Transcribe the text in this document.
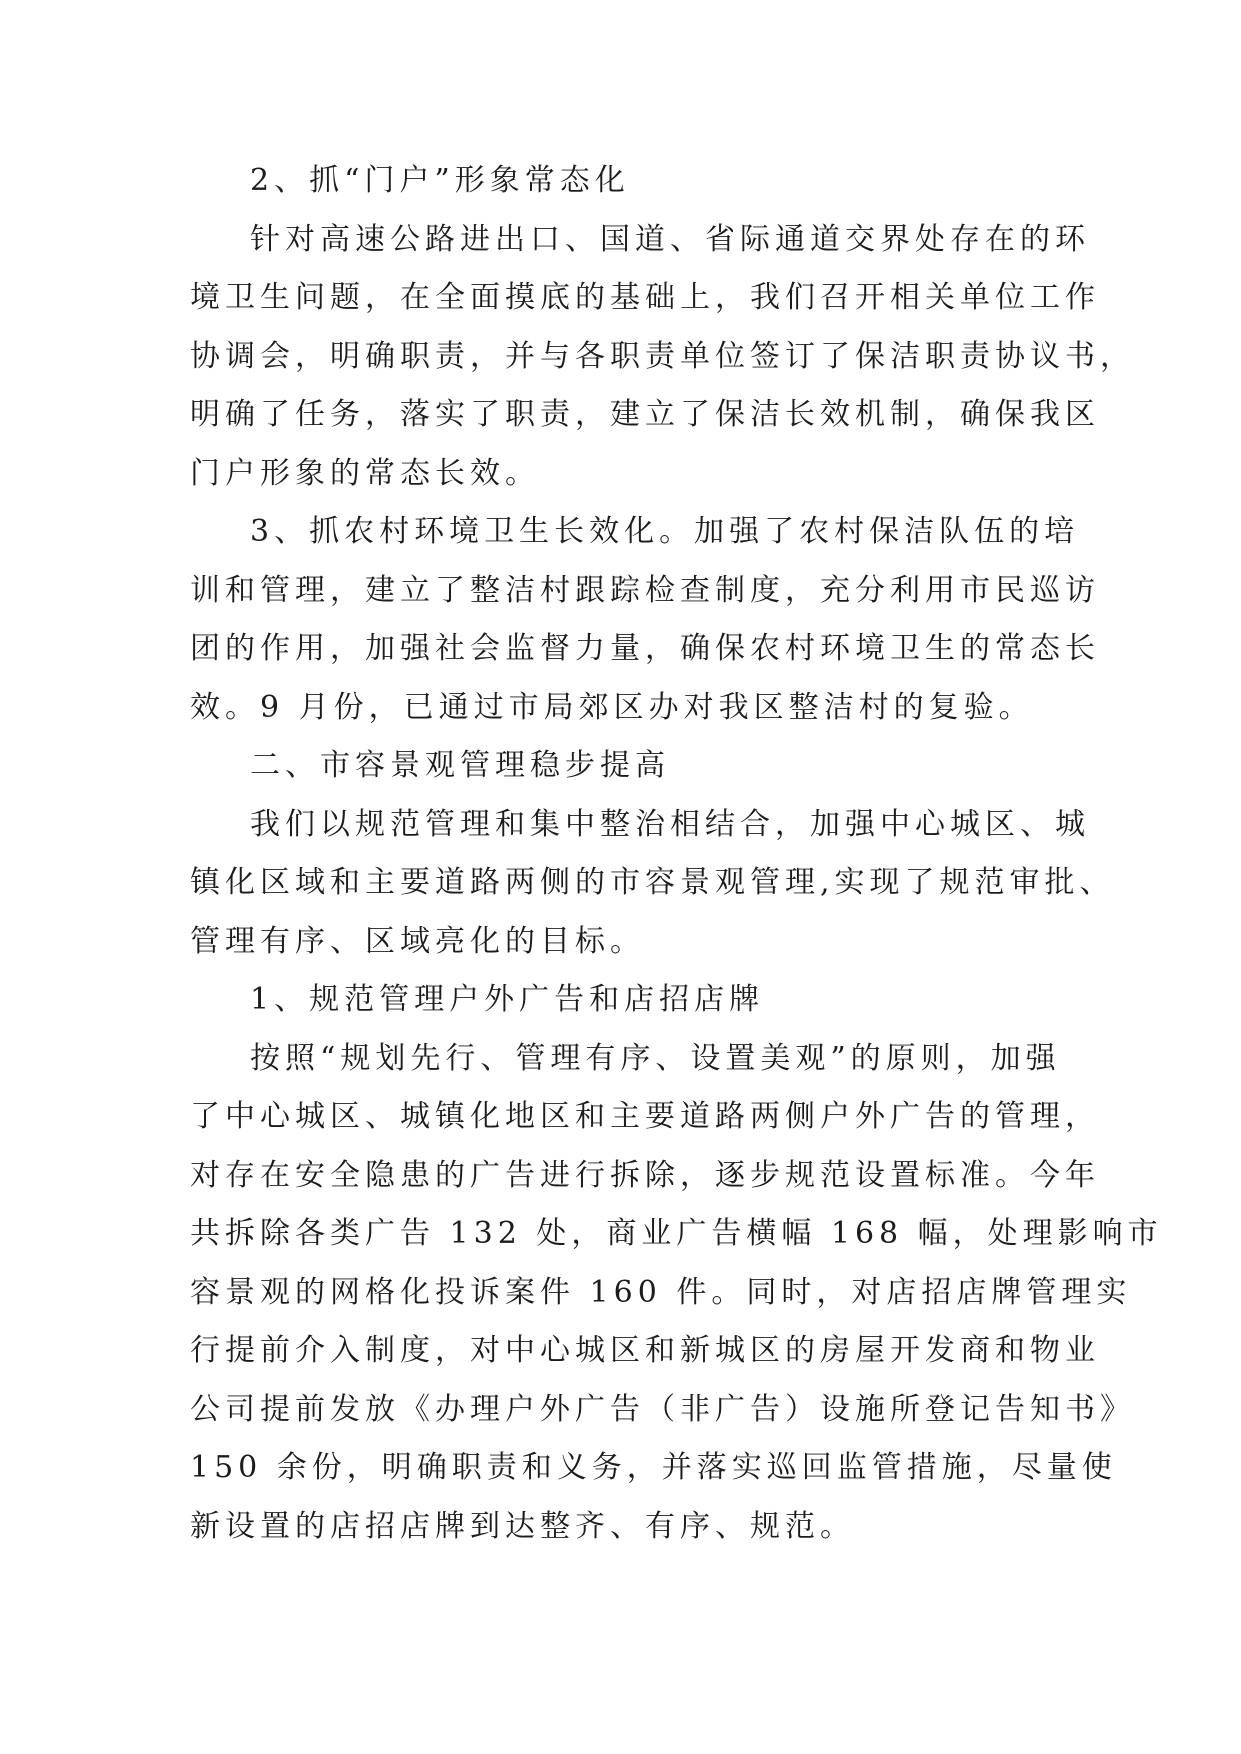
2、抓“门户”形象常态化
针对高速公路进出口、国道、省际通道交界处存在的环
境卫生问题，在全面摸底的基础上，我们召开相关单位工作
协调会，明确职责，并与各职责单位签订了保洁职责协议书，
明确了任务，落实了职责，建立了保洁长效机制，确保我区
门户形象的常态长效。
3、抓农村环境卫生长效化。加强了农村保洁队伍的培
训和管理，建立了整洁村跟踪检查制度，充分利用市民巡访
团的作用，加强社会监督力量，确保农村环境卫生的常态长
效。9 月份，已通过市局郊区办对我区整洁村的复验。
二、市容景观管理稳步提高
我们以规范管理和集中整治相结合，加强中心城区、城
镇化区域和主要道路两侧的市容景观管理,实现了规范审批、
管理有序、区域亮化的目标。
1、规范管理户外广告和店招店牌
按照“规划先行、管理有序、设置美观”的原则，加强
了中心城区、城镇化地区和主要道路两侧户外广告的管理，
对存在安全隐患的广告进行拆除，逐步规范设置标准。今年
共拆除各类广告 132 处，商业广告横幅 168 幅，处理影响市
容景观的网格化投诉案件 160 件。同时，对店招店牌管理实
行提前介入制度，对中心城区和新城区的房屋开发商和物业
公司提前发放《办理户外广告（非广告）设施所登记告知书》
150 余份，明确职责和义务，并落实巡回监管措施，尽量使
新设置的店招店牌到达整齐、有序、规范。
